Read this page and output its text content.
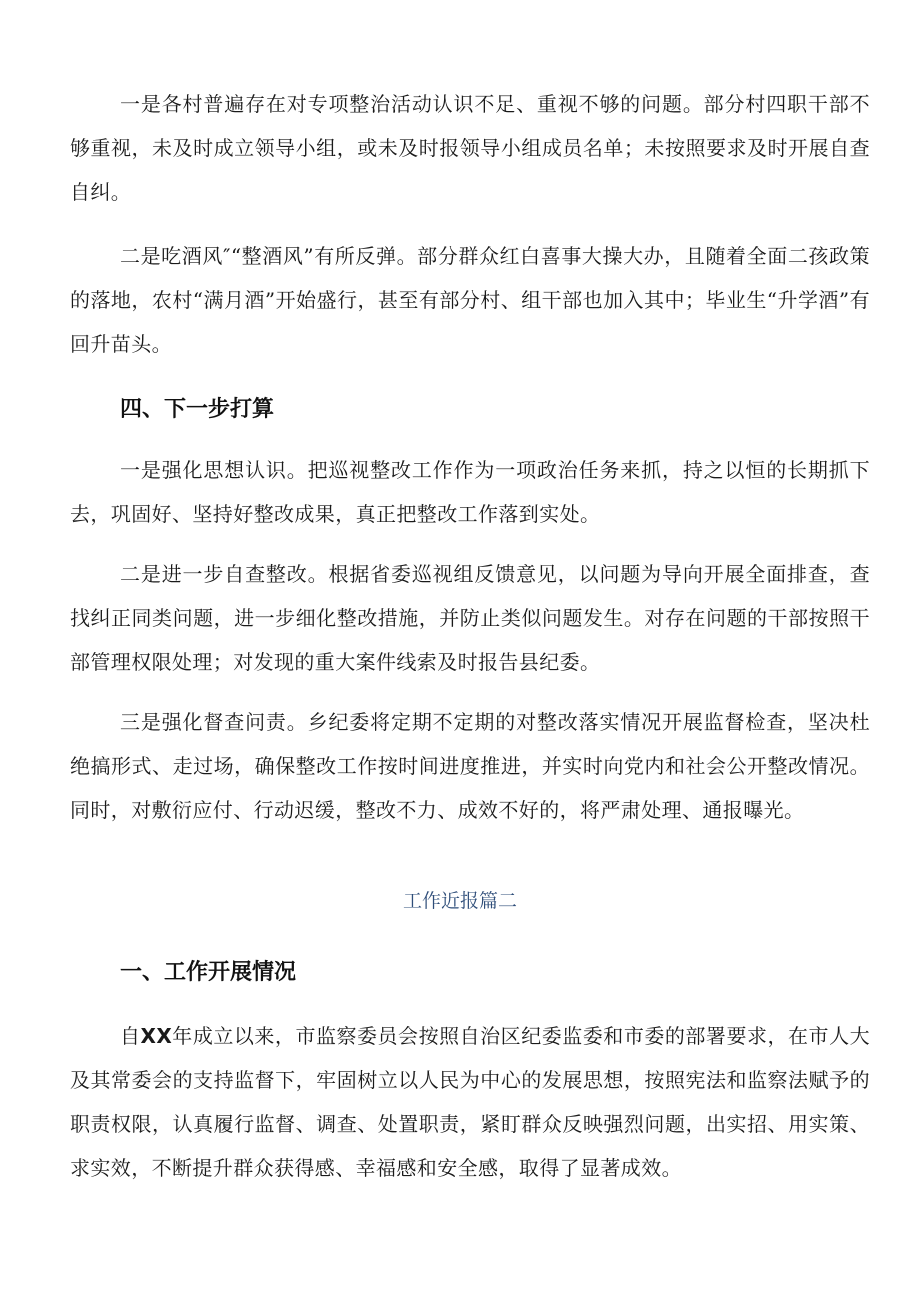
一是各村普遍存在对专项整治活动认识不足、重视不够的问题。部分村四职干部不够重视，未及时成立领导小组，或未及时报领导小组成员名单；未按照要求及时开展自查自纠。

二是吃酒风″“整酒风”有所反弹。部分群众红白喜事大操大办，且随着全面二孩政策的落地，农村“满月酒”开始盛行，甚至有部分村、组干部也加入其中；毕业生“升学酒”有回升苗头。

四、下一步打算

一是强化思想认识。把巡视整改工作作为一项政治任务来抓，持之以恒的长期抓下去，巩固好、坚持好整改成果，真正把整改工作落到实处。

二是进一步自查整改。根据省委巡视组反馈意见，以问题为导向开展全面排查，查找纠正同类问题，进一步细化整改措施，并防止类似问题发生。对存在问题的干部按照干部管理权限处理；对发现的重大案件线索及时报告县纪委。

三是强化督查问责。乡纪委将定期不定期的对整改落实情况开展监督检查，坚决杜绝搞形式、走过场，确保整改工作按时间进度推进，并实时向党内和社会公开整改情况。同时，对敷衍应付、行动迟缓，整改不力、成效不好的，将严肃处理、通报曝光。

工作近报篇二

一、工作开展情况

自XX年成立以来，市监察委员会按照自治区纪委监委和市委的部署要求，在市人大及其常委会的支持监督下，牢固树立以人民为中心的发展思想，按照宪法和监察法赋予的职责权限，认真履行监督、调查、处置职责，紧盯群众反映强烈问题，出实招、用实策、求实效，不断提升群众获得感、幸福感和安全感，取得了显著成效。
